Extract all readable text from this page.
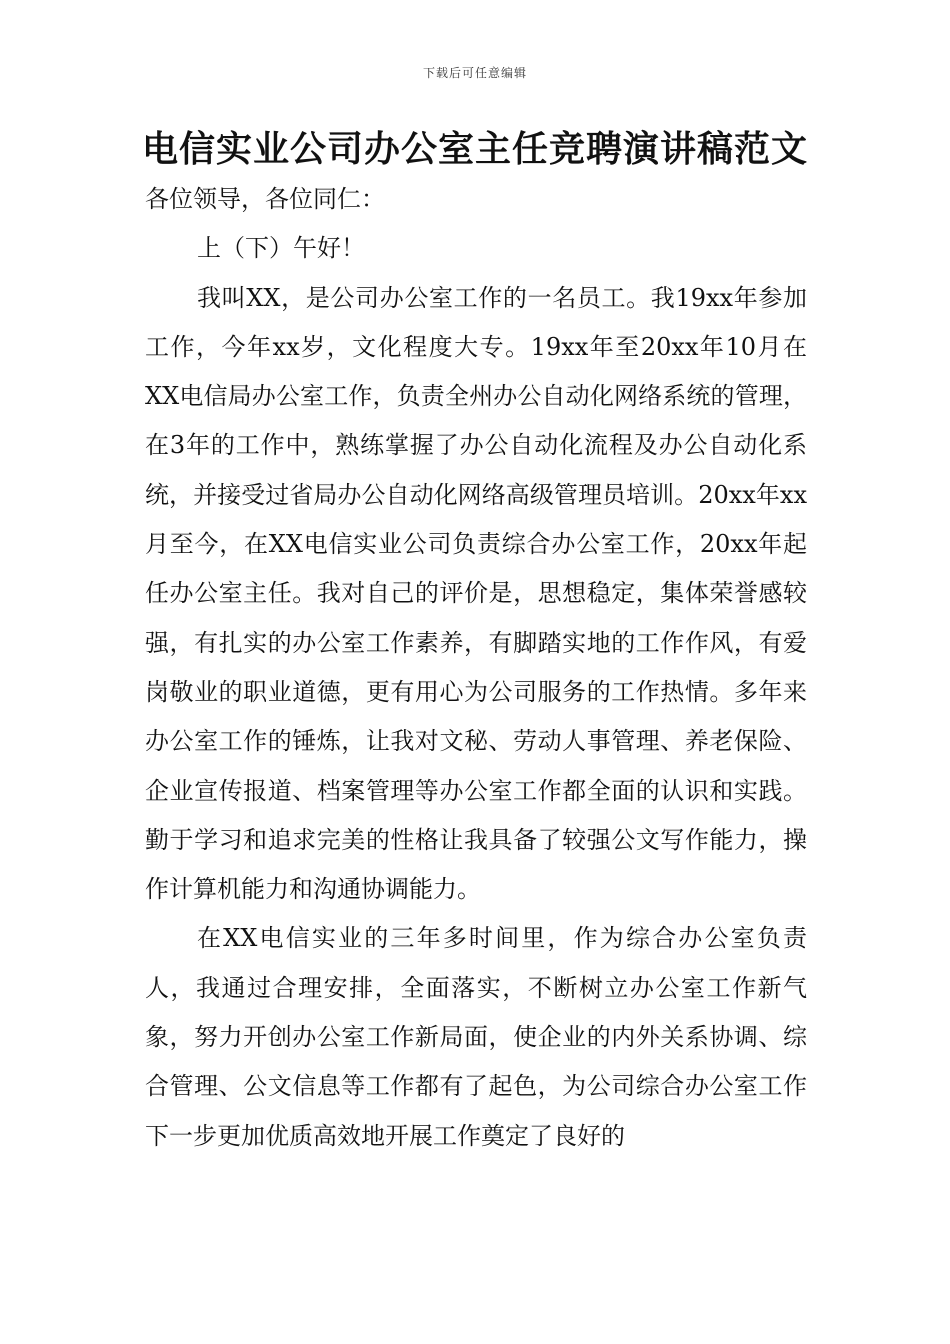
下载后可任意编辑
电信实业公司办公室主任竞聘演讲稿范文

各位领导，各位同仁：

上（下）午好！

我叫XX，是公司办公室工作的一名员工。我19xx年参加工作，今年xx岁，文化程度大专。19xx年至20xx年10月在XX电信局办公室工作，负责全州办公自动化网络系统的管理，在3年的工作中，熟练掌握了办公自动化流程及办公自动化系统，并接受过省局办公自动化网络高级管理员培训。20xx年xx月至今，在XX电信实业公司负责综合办公室工作，20xx年起任办公室主任。我对自己的评价是，思想稳定，集体荣誉感较强，有扎实的办公室工作素养，有脚踏实地的工作作风，有爱岗敬业的职业道德，更有用心为公司服务的工作热情。多年来办公室工作的锤炼，让我对文秘、劳动人事管理、养老保险、企业宣传报道、档案管理等办公室工作都全面的认识和实践。勤于学习和追求完美的性格让我具备了较强公文写作能力，操作计算机能力和沟通协调能力。

在XX电信实业的三年多时间里，作为综合办公室负责人，我通过合理安排，全面落实，不断树立办公室工作新气象，努力开创办公室工作新局面，使企业的内外关系协调、综合管理、公文信息等工作都有了起色，为公司综合办公室工作下一步更加优质高效地开展工作奠定了良好的
